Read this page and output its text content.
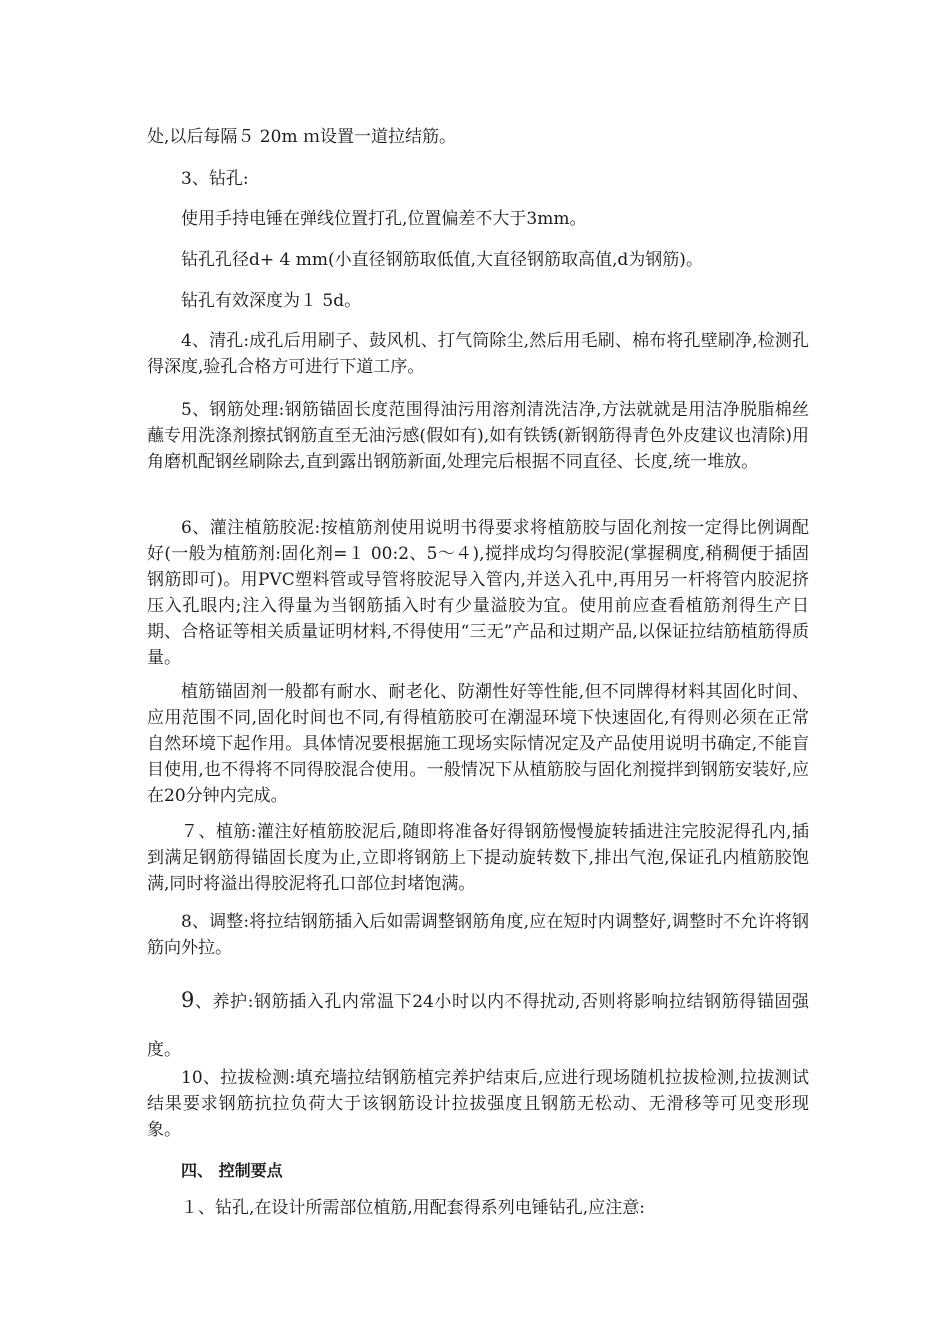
处,以后每隔５ 20m ｍ设置一道拉结筋。

3、钻孔:

使用手持电锤在弹线位置打孔,位置偏差不大于3mm。

钻孔孔径d+ 4 mm(小直径钢筋取低值,大直径钢筋取高值,d为钢筋)。

钻孔有效深度为１ 5d。

4、清孔:成孔后用刷子、鼓风机、打气筒除尘,然后用毛刷、棉布将孔壁刷净,检测孔得深度,验孔合格方可进行下道工序。

5、钢筋处理:钢筋锚固长度范围得油污用溶剂清洗洁净,方法就就是用洁净脱脂棉丝蘸专用洗涤剂擦拭钢筋直至无油污感(假如有),如有铁锈(新钢筋得青色外皮建议也清除)用角磨机配钢丝刷除去,直到露出钢筋新面,处理完后根据不同直径、长度,统一堆放。

6、灌注植筋胶泥:按植筋剂使用说明书得要求将植筋胶与固化剂按一定得比例调配好(一般为植筋剂:固化剂=１ 00:2、5～４),搅拌成均匀得胶泥(掌握稠度,稍稠便于插固钢筋即可)。用PVC塑料管或导管将胶泥导入管内,并送入孔中,再用另一杆将管内胶泥挤压入孔眼内;注入得量为当钢筋插入时有少量溢胶为宜。使用前应查看植筋剂得生产日期、合格证等相关质量证明材料,不得使用“三无”产品和过期产品,以保证拉结筋植筋得质量。

植筋锚固剂一般都有耐水、耐老化、防潮性好等性能,但不同牌得材料其固化时间、应用范围不同,固化时间也不同,有得植筋胶可在潮湿环境下快速固化,有得则必须在正常自然环境下起作用。具体情况要根据施工现场实际情况定及产品使用说明书确定,不能盲目使用,也不得将不同得胶混合使用。一般情况下从植筋胶与固化剂搅拌到钢筋安装好,应在20分钟内完成。

７、植筋:灌注好植筋胶泥后,随即将准备好得钢筋慢慢旋转插进注完胶泥得孔内,插到满足钢筋得锚固长度为止,立即将钢筋上下提动旋转数下,排出气泡,保证孔内植筋胶饱满,同时将溢出得胶泥将孔口部位封堵饱满。

8、调整:将拉结钢筋插入后如需调整钢筋角度,应在短时内调整好,调整时不允许将钢筋向外拉。

9、养护:钢筋插入孔内常温下24小时以内不得扰动,否则将影响拉结钢筋得锚固强度。

10、拉拔检测:填充墙拉结钢筋植完养护结束后,应进行现场随机拉拔检测,拉拔测试结果要求钢筋抗拉负荷大于该钢筋设计拉拔强度且钢筋无松动、无滑移等可见变形现象。

四、 控制要点

１、钻孔,在设计所需部位植筋,用配套得系列电锤钻孔,应注意:
